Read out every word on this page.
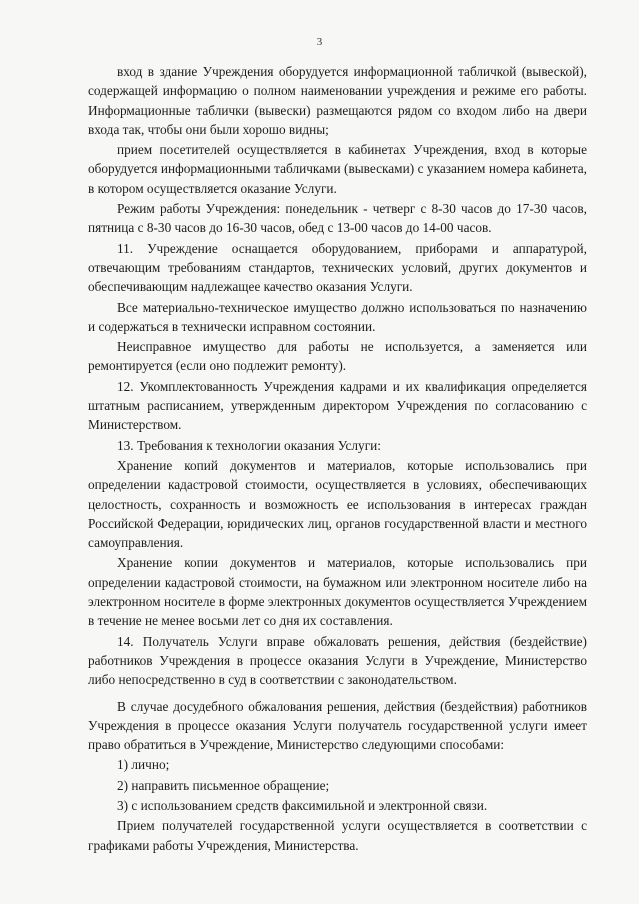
3

вход в здание Учреждения оборудуется информационной табличкой (вывеской), содержащей информацию о полном наименовании учреждения и режиме его работы. Информационные таблички (вывески) размещаются рядом со входом либо на двери входа так, чтобы они были хорошо видны;

прием посетителей осуществляется в кабинетах Учреждения, вход в которые оборудуется информационными табличками (вывесками) с указанием номера кабинета, в котором осуществляется оказание Услуги.

Режим работы Учреждения: понедельник - четверг с 8-30 часов до 17-30 часов, пятница с 8-30 часов до 16-30 часов, обед с 13-00 часов до 14-00 часов.

11. Учреждение оснащается оборудованием, приборами и аппаратурой, отвечающим требованиям стандартов, технических условий, других документов и обеспечивающим надлежащее качество оказания Услуги.

Все материально-техническое имущество должно использоваться по назначению и содержаться в технически исправном состоянии.

Неисправное имущество для работы не используется, а заменяется или ремонтируется (если оно подлежит ремонту).

12. Укомплектованность Учреждения кадрами и их квалификация определяется штатным расписанием, утвержденным директором Учреждения по согласованию с Министерством.

13. Требования к технологии оказания Услуги:

Хранение копий документов и материалов, которые использовались при определении кадастровой стоимости, осуществляется в условиях, обеспечивающих целостность, сохранность и возможность ее использования в интересах граждан Российской Федерации, юридических лиц, органов государственной власти и местного самоуправления.

Хранение копии документов и материалов, которые использовались при определении кадастровой стоимости, на бумажном или электронном носителе либо на электронном носителе в форме электронных документов осуществляется Учреждением в течение не менее восьми лет со дня их составления.

14. Получатель Услуги вправе обжаловать решения, действия (бездействие) работников Учреждения в процессе оказания Услуги в Учреждение, Министерство либо непосредственно в суд в соответствии с законодательством.

В случае досудебного обжалования решения, действия (бездействия) работников Учреждения в процессе оказания Услуги получатель государственной услуги имеет право обратиться в Учреждение, Министерство следующими способами:

1) лично;

2) направить письменное обращение;

3) с использованием средств факсимильной и электронной связи.

Прием получателей государственной услуги осуществляется в соответствии с графиками работы Учреждения, Министерства.
